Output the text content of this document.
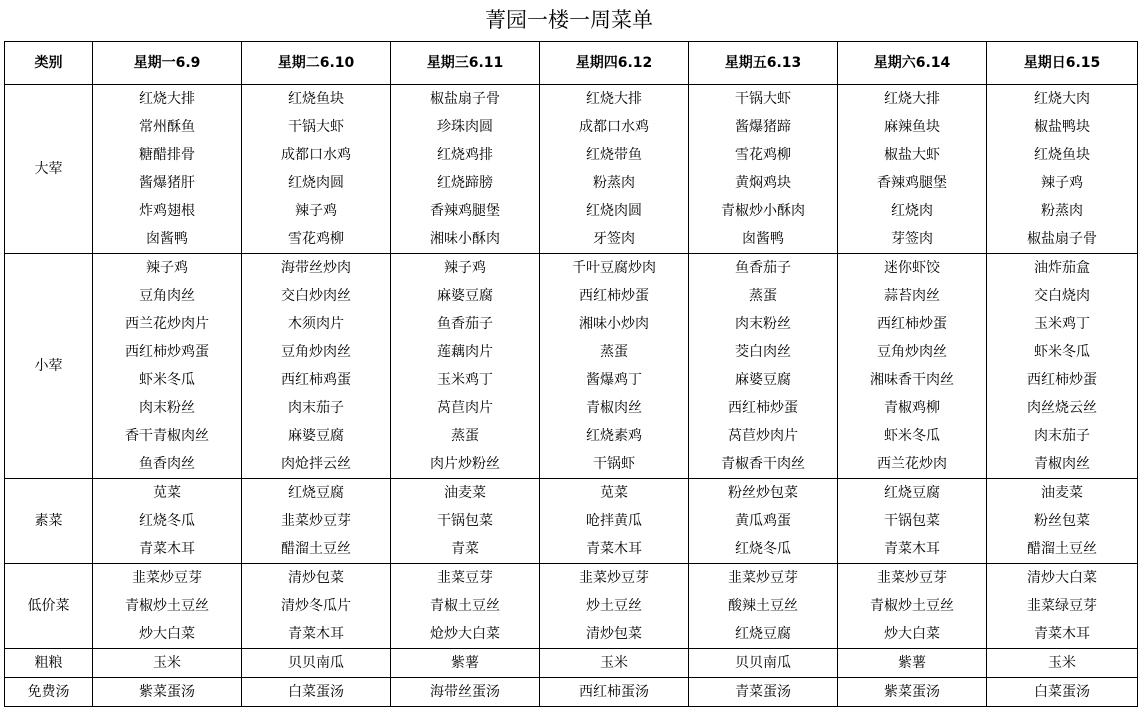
菁园一楼一周菜单
类别	星期一6.9	星期二6.10	星期三6.11	星期四6.12	星期五6.13	星期六6.14	星期日6.15
大荤	红烧大排	红烧鱼块	椒盐扇子骨	红烧大排	干锅大虾	红烧大排	红烧大肉
	常州酥鱼	干锅大虾	珍珠肉圆	成都口水鸡	酱爆猪蹄	麻辣鱼块	椒盐鸭块
	糖醋排骨	成都口水鸡	红烧鸡排	红烧带鱼	雪花鸡柳	椒盐大虾	红烧鱼块
	酱爆猪肝	红烧肉圆	红烧蹄膀	粉蒸肉	黄焖鸡块	香辣鸡腿堡	辣子鸡
	炸鸡翅根	辣子鸡	香辣鸡腿堡	红烧肉圆	青椒炒小酥肉	红烧肉	粉蒸肉
	囱酱鸭	雪花鸡柳	湘味小酥肉	牙签肉	囱酱鸭	芽签肉	椒盐扇子骨
小荤	辣子鸡	海带丝炒肉	辣子鸡	千叶豆腐炒肉	鱼香茄子	迷你虾饺	油炸茄盒
	豆角肉丝	交白炒肉丝	麻婆豆腐	西红柿炒蛋	蒸蛋	蒜苔肉丝	交白烧肉
	西兰花炒肉片	木须肉片	鱼香茄子	湘味小炒肉	肉末粉丝	西红柿炒蛋	玉米鸡丁
	西红柿炒鸡蛋	豆角炒肉丝	莲藕肉片	蒸蛋	茭白肉丝	豆角炒肉丝	虾米冬瓜
	虾米冬瓜	西红柿鸡蛋	玉米鸡丁	酱爆鸡丁	麻婆豆腐	湘味香干肉丝	西红柿炒蛋
	肉末粉丝	肉末茄子	莴苣肉片	青椒肉丝	西红柿炒蛋	青椒鸡柳	肉丝烧云丝
	香干青椒肉丝	麻婆豆腐	蒸蛋	红烧素鸡	莴苣炒肉片	虾米冬瓜	肉末茄子
	鱼香肉丝	肉炝拌云丝	肉片炒粉丝	干锅虾	青椒香干肉丝	西兰花炒肉	青椒肉丝
素菜	苋菜	红烧豆腐	油麦菜	苋菜	粉丝炒包菜	红烧豆腐	油麦菜
	红烧冬瓜	韭菜炒豆芽	干锅包菜	呛拌黄瓜	黄瓜鸡蛋	干锅包菜	粉丝包菜
	青菜木耳	醋溜土豆丝	青菜	青菜木耳	红烧冬瓜	青菜木耳	醋溜土豆丝
低价菜	韭菜炒豆芽	清炒包菜	韭菜豆芽	韭菜炒豆芽	韭菜炒豆芽	韭菜炒豆芽	清炒大白菜
	青椒炒土豆丝	清炒冬瓜片	青椒土豆丝	炒土豆丝	酸辣土豆丝	青椒炒土豆丝	韭菜绿豆芽
	炒大白菜	青菜木耳	炝炒大白菜	清炒包菜	红烧豆腐	炒大白菜	青菜木耳
粗粮	玉米	贝贝南瓜	紫薯	玉米	贝贝南瓜	紫薯	玉米
免费汤	紫菜蛋汤	白菜蛋汤	海带丝蛋汤	西红柿蛋汤	青菜蛋汤	紫菜蛋汤	白菜蛋汤
